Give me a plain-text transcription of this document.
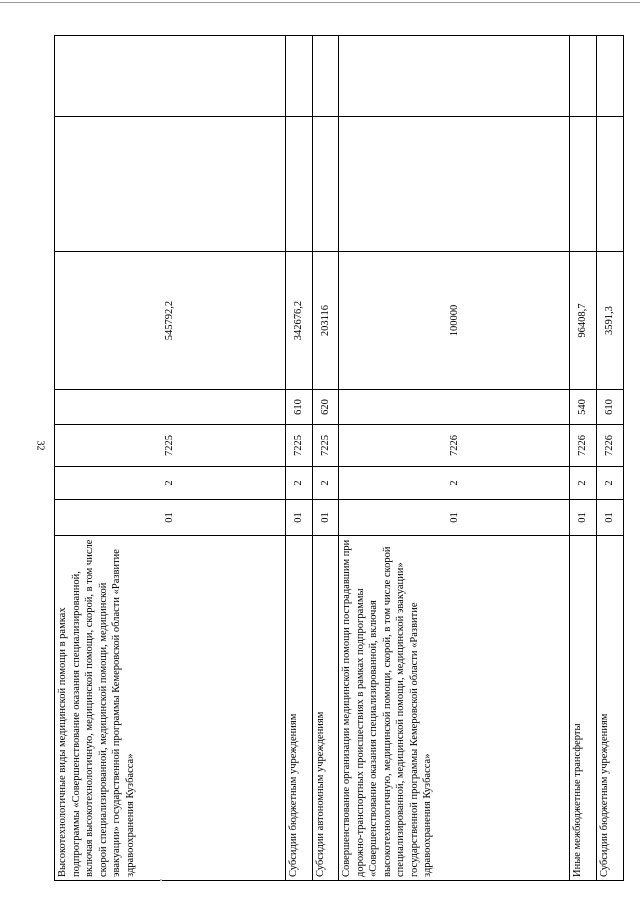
32
Высокотехнологичные виды медицинской помощи в рамках подпрограммы «Совершенствование оказания специализированной, включая высокотехнологичную, медицинской помощи, скорой, в том числе скорой специализированной, медицинской помощи, медицинской эвакуации» государственной программы Кемеровской области «Развитие здравоохранения Кузбасса»	01	2	7225		545792,2		
Субсидии бюджетным учреждениям	01	2	7225	610	342676,2		
Субсидии автономным учреждениям	01	2	7225	620	203116		
Совершенствование организации медицинской помощи пострадавшим при дорожно-транспортных происшествиях в рамках подпрограммы «Совершенствование оказания специализированной, включая высокотехнологичную, медицинской помощи, скорой, в том числе скорой специализированной, медицинской помощи, медицинской эвакуации» государственной программы Кемеровской области «Развитие здравоохранения Кузбасса»	01	2	7226		100000		
Иные межбюджетные трансферты	01	2	7226	540	96408,7		
Субсидии бюджетным учреждениям	01	2	7226	610	3591,3		
